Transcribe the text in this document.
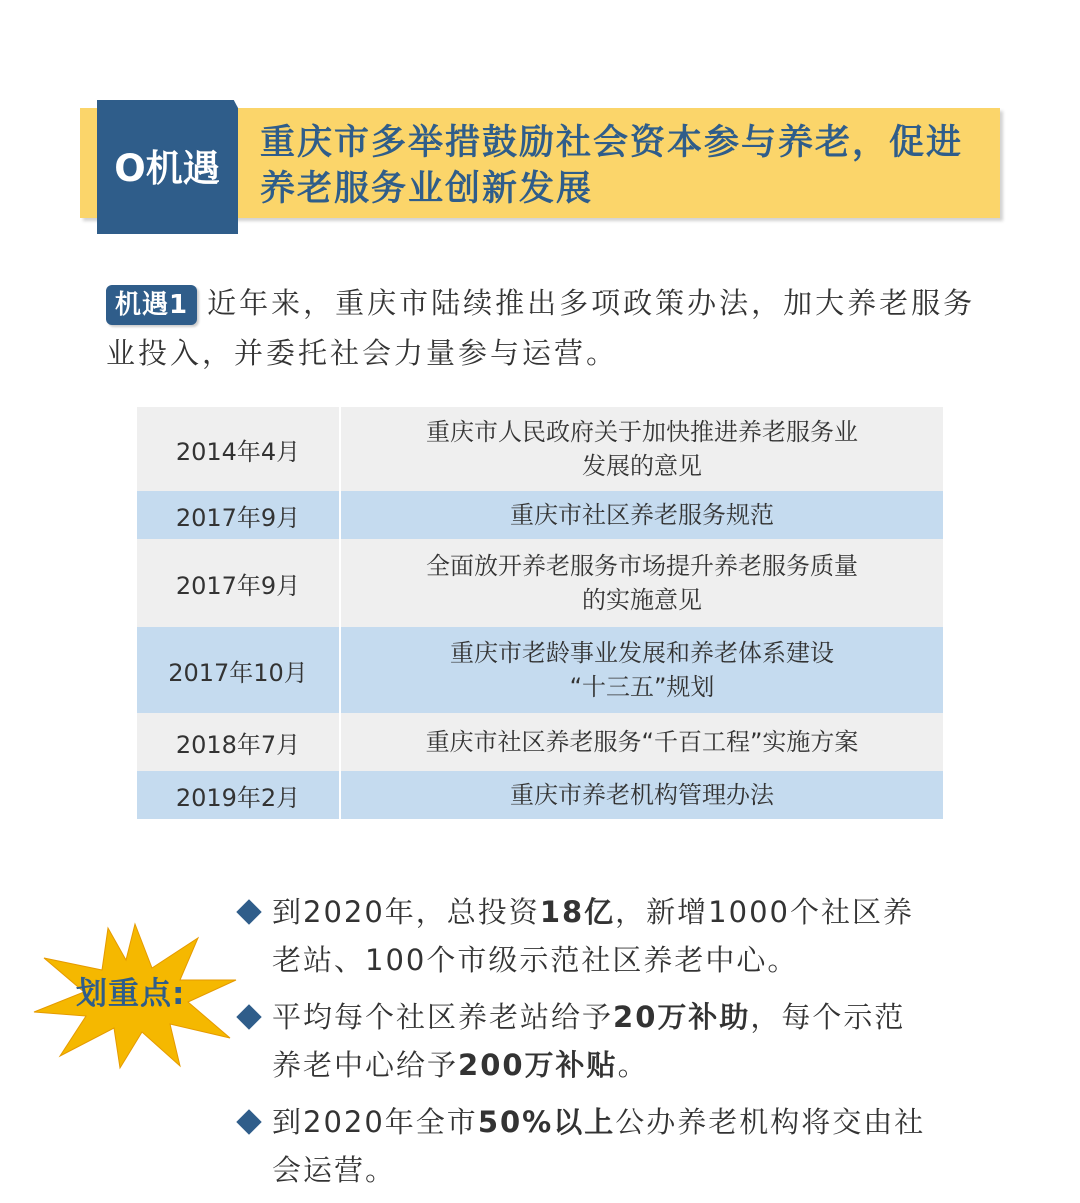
O机遇
重庆市多举措鼓励社会资本参与养老，促进养老服务业创新发展
机遇1 近年来，重庆市陆续推出多项政策办法，加大养老服务业投入，并委托社会力量参与运营。
2014年4月	重庆市人民政府关于加快推进养老服务业
发展的意见

2017年9月	重庆市社区养老服务规范

2017年9月	全面放开养老服务市场提升养老服务质量
的实施意见

2017年10月	重庆市老龄事业发展和养老体系建设
“十三五”规划

2018年7月	重庆市社区养老服务“千百工程”实施方案

2019年2月	重庆市养老机构管理办法
划重点:
到2020年，总投资18亿，新增1000个社区养老站、100个市级示范社区养老中心。
平均每个社区养老站给予20万补助，每个示范养老中心给予200万补贴。
到2020年全市50%以上公办养老机构将交由社会运营。
